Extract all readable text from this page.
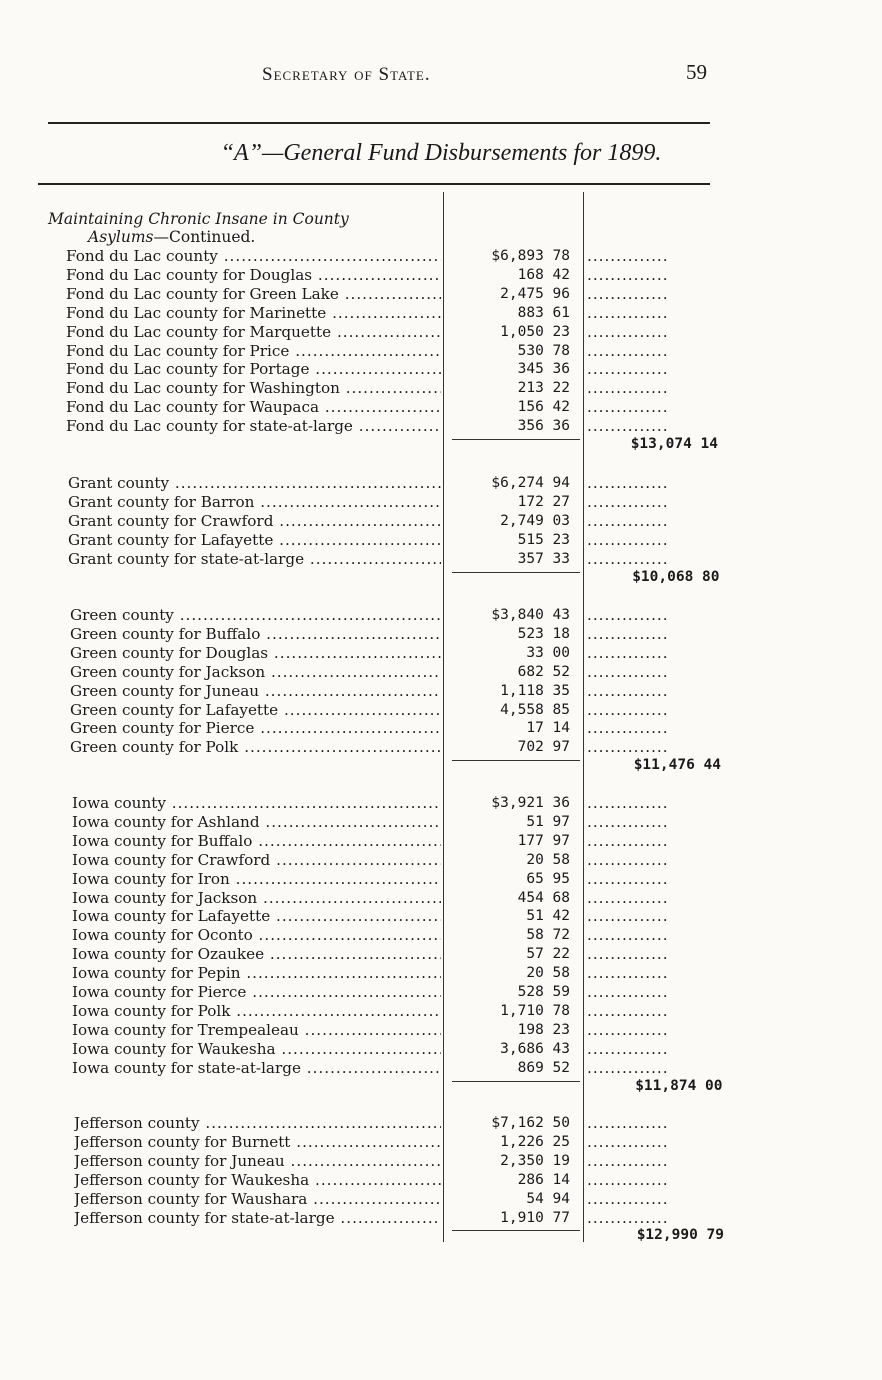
Secretary of State.	59
“A”—General Fund Disbursements for 1899.
Maintaining Chronic Insane in County
Asylums—Continued.
Fond du Lac county .....	$6,893 78 ..............
Fond du Lac county for Douglas .....	168 42 ..............
Fond du Lac county for Green Lake .....	2,475 96 ..............
Fond du Lac county for Marinette .....	883 61 ..............
Fond du Lac county for Marquette .....	1,050 23 ..............
Fond du Lac county for Price .....	530 78 ..............
Fond du Lac county for Portage .....	345 36 ..............
Fond du Lac county for Washington .....	213 22 ..............
Fond du Lac county for Waupaca .....	156 42 ..............
Fond du Lac county for state-at-large .....	356 36 ..............
$13,074 14
Grant county .....	$6,274 94 ..............
Grant county for Barron .....	172 27 ..............
Grant county for Crawford .....	2,749 03 ..............
Grant county for Lafayette .....	515 23 ..............
Grant county for state-at-large .....	357 33 ..............
$10,068 80
Green county .....	$3,840 43 ..............
Green county for Buffalo .....	523 18 ..............
Green county for Douglas .....	33 00 ..............
Green county for Jackson .....	682 52 ..............
Green county for Juneau .....	1,118 35 ..............
Green county for Lafayette .....	4,558 85 ..............
Green county for Pierce .....	17 14 ..............
Green county for Polk .....	702 97 ..............
$11,476 44
Iowa county .....	$3,921 36 ..............
Iowa county for Ashland .....	51 97 ..............
Iowa county for Buffalo .....	177 97 ..............
Iowa county for Crawford .....	20 58 ..............
Iowa county for Iron .....	65 95 ..............
Iowa county for Jackson .....	454 68 ..............
Iowa county for Lafayette .....	51 42 ..............
Iowa county for Oconto .....	58 72 ..............
Iowa county for Ozaukee .....	57 22 ..............
Iowa county for Pepin .....	20 58 ..............
Iowa county for Pierce .....	528 59 ..............
Iowa county for Polk .....	1,710 78 ..............
Iowa county for Trempealeau .....	198 23 ..............
Iowa county for Waukesha .....	3,686 43 ..............
Iowa county for state-at-large .....	869 52 ..............
$11,874 00
Jefferson county .....	$7,162 50 ..............
Jefferson county for Burnett .....	1,226 25 ..............
Jefferson county for Juneau .....	2,350 19 ..............
Jefferson county for Waukesha .....	286 14 ..............
Jefferson county for Waushara .....	54 94 ..............
Jefferson county for state-at-large .....	1,910 77 ..............
$12,990 79
